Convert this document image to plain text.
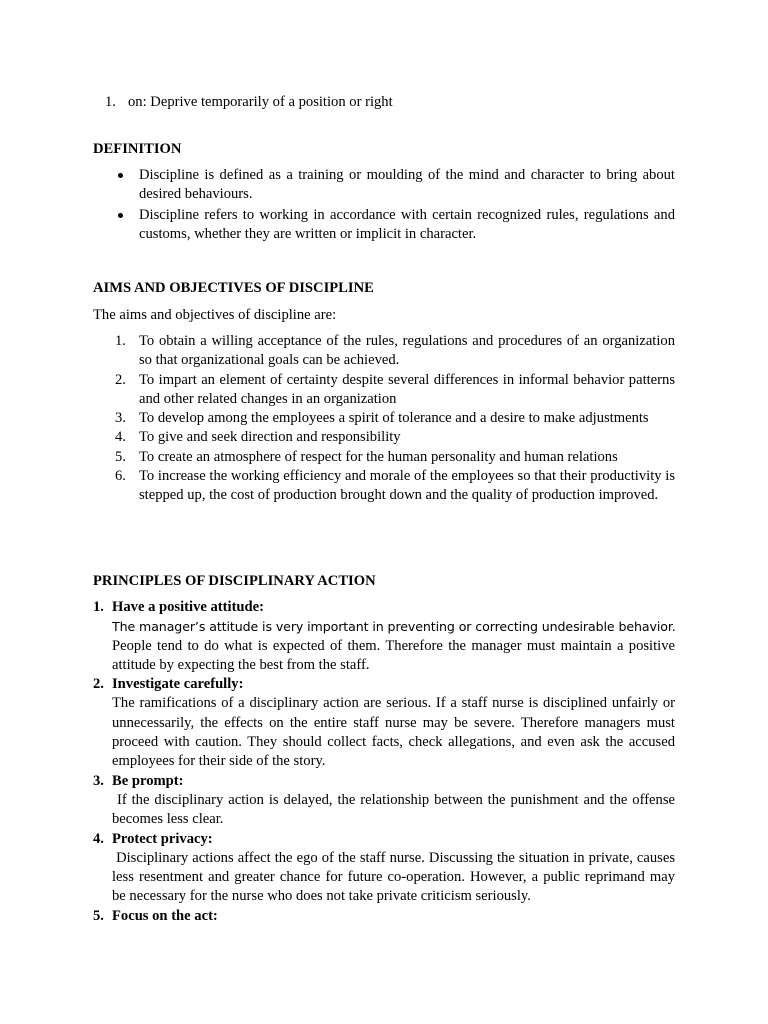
1. on: Deprive temporarily of a position or right
DEFINITION
Discipline is defined as a training or moulding of the mind and character to bring about desired behaviours.
Discipline refers to working in accordance with certain recognized rules, regulations and customs, whether they are written or implicit in character.
AIMS AND OBJECTIVES OF DISCIPLINE
The aims and objectives of discipline are:
1. To obtain a willing acceptance of the rules, regulations and procedures of an organization so that organizational goals can be achieved.
2. To impart an element of certainty despite several differences in informal behavior patterns and other related changes in an organization
3. To develop among the employees a spirit of tolerance and a desire to make adjustments
4. To give and seek direction and responsibility
5. To create an atmosphere of respect for the human personality and human relations
6. To increase the working efficiency and morale of the employees so that their productivity is stepped up, the cost of production brought down and the quality of production improved.
PRINCIPLES OF DISCIPLINARY ACTION
1. Have a positive attitude:
The manager’s attitude is very important in preventing or correcting undesirable behavior.
People tend to do what is expected of them. Therefore the manager must maintain a positive attitude by expecting the best from the staff.
2. Investigate carefully:
The ramifications of a disciplinary action are serious. If a staff nurse is disciplined unfairly or unnecessarily, the effects on the entire staff nurse may be severe. Therefore managers must proceed with caution. They should collect facts, check allegations, and even ask the accused employees for their side of the story.
3. Be prompt:
If the disciplinary action is delayed, the relationship between the punishment and the offense becomes less clear.
4. Protect privacy:
Disciplinary actions affect the ego of the staff nurse. Discussing the situation in private, causes less resentment and greater chance for future co-operation. However, a public reprimand may be necessary for the nurse who does not take private criticism seriously.
5. Focus on the act:
